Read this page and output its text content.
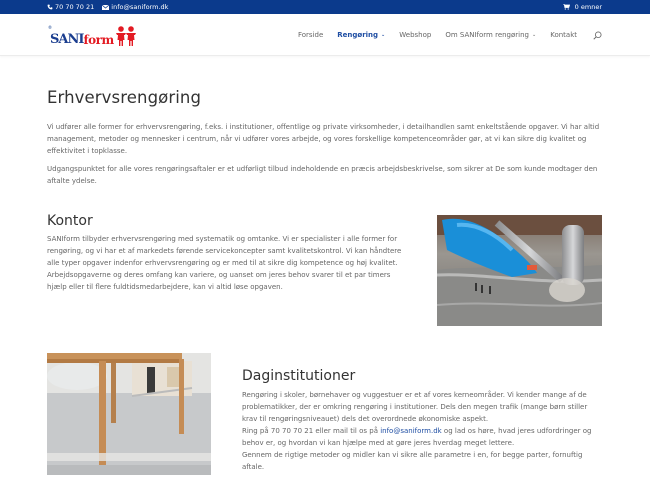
70 70 70 21	info@saniform.dk	0 emner
®
SANI form	Forside Rengøring ⌄ Webshop Om SANIform rengøring ⌄ Kontakt
Erhvervsrengøring

Vi udfører alle former for erhvervsrengøring, f.eks. i institutioner, offentlige og private virksomheder, i detailhandlen samt enkeltstående opgaver. Vi har altid management, metoder og mennesker i centrum, når vi udfører vores arbejde, og vores forskellige kompetenceområder gør, at vi kan sikre dig kvalitet og effektivitet i topklasse.

Udgangspunktet for alle vores rengøringsaftaler er et udførligt tilbud indeholdende en præcis arbejdsbeskrivelse, som sikrer at De som kunde modtager den aftalte ydelse.

Kontor

SANIform tilbyder erhvervsrengøring med systematik og omtanke. Vi er specialister i alle former for rengøring, og vi har et af markedets førende servicekoncepter samt kvalitetskontrol. Vi kan håndtere alle typer opgaver indenfor erhvervsrengøring og er med til at sikre dig kompetence og høj kvalitet. Arbejdsopgaverne og deres omfang kan variere, og uanset om jeres behov svarer til et par timers hjælp eller til flere fuldtidsmedarbejdere, kan vi altid løse opgaven.

Daginstitutioner
Rengøring i skoler, børnehaver og vuggestuer er et af vores kerneområder. Vi kender mange af de problematikker, der er omkring rengøring i institutioner. Dels den megen trafik (mange børn stiller krav til rengøringsniveauet) dels det overordnede økonomiske aspekt.
Ring på 70 70 70 21 eller mail til os på info@saniform.dk og lad os høre, hvad jeres udfordringer og behov er, og hvordan vi kan hjælpe med at gøre jeres hverdag meget lettere.
Gennem de rigtige metoder og midler kan vi sikre alle parametre i en, for begge parter, fornuftig aftale.
